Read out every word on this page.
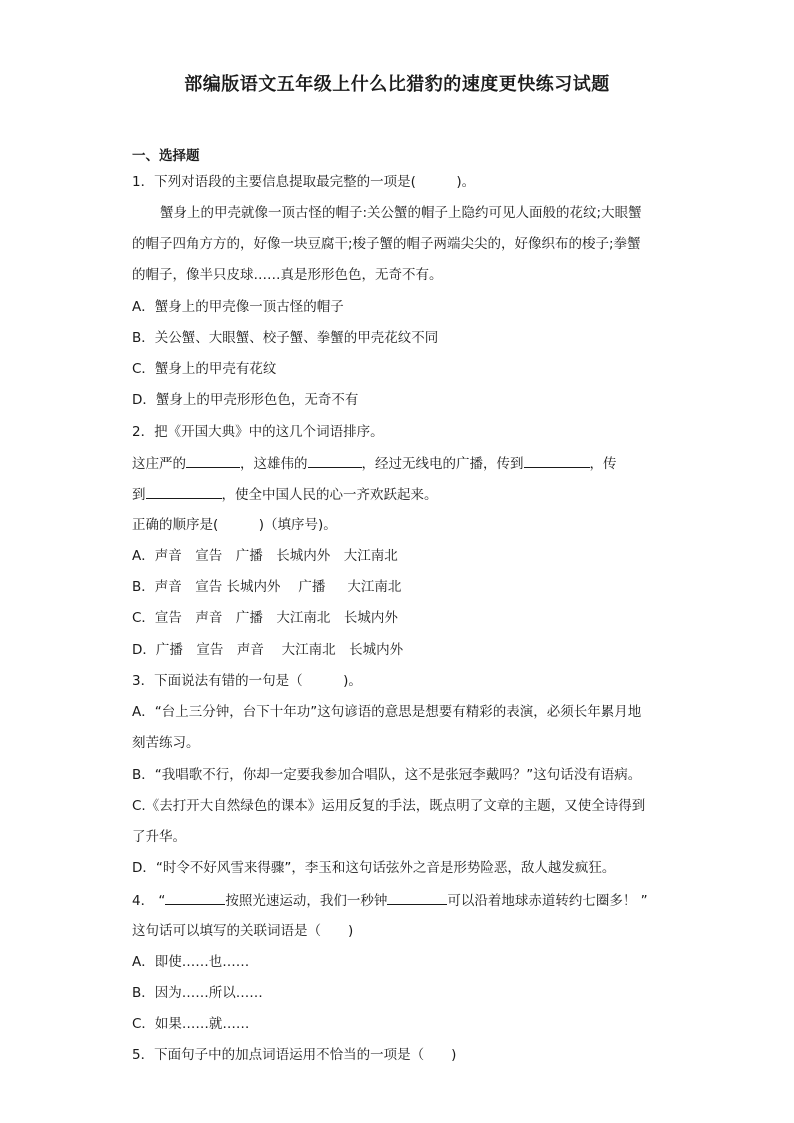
部编版语文五年级上什么比猎豹的速度更快练习试题
一、选择题
1．下列对语段的主要信息提取最完整的一项是(　　　)。
蟹身上的甲壳就像一顶古怪的帽子:关公蟹的帽子上隐约可见人面般的花纹;大眼蟹
的帽子四角方方的，好像一块豆腐干;梭子蟹的帽子两端尖尖的，好像织布的梭子;拳蟹
的帽子，像半只皮球……真是形形色色，无奇不有。
A．蟹身上的甲壳像一顶古怪的帽子
B．关公蟹、大眼蟹、校子蟹、拳蟹的甲壳花纹不同
C．蟹身上的甲壳有花纹
D．蟹身上的甲壳形形色色，无奇不有
2．把《开国大典》中的这几个词语排序。
这庄严的	，这雄伟的	，经过无线电的广播，传到	，传
到	，使全中国人民的心一齐欢跃起来。
正确的顺序是(　　　)（填序号)。
A．声音　宣告　广播　长城内外　大江南北
B．声音　宣告 长城内外　 广播 　 大江南北
C．宣告　声音　广播　大江南北　长城内外
D．广播　宣告　声音　 大江南北　长城内外
3．下面说法有错的一句是（　　　)。
A．“台上三分钟，台下十年功”这句谚语的意思是想要有精彩的表演，必须长年累月地
刻苦练习。
B．“我唱歌不行，你却一定要我参加合唱队，这不是张冠李戴吗？”这句话没有语病。
C.《去打开大自然绿色的课本》运用反复的手法，既点明了文章的主题，又使全诗得到
了升华。
D．“时令不好风雪来得骤”，李玉和这句话弦外之音是形势险恶，敌人越发疯狂。
4． “	按照光速运动，我们一秒钟	可以沿着地球赤道转约七圈多！ ”
这句话可以填写的关联词语是（　　)
A．即使……也……
B．因为……所以……
C．如果……就……
5．下面句子中的加点词语运用不恰当的一项是（　　)
